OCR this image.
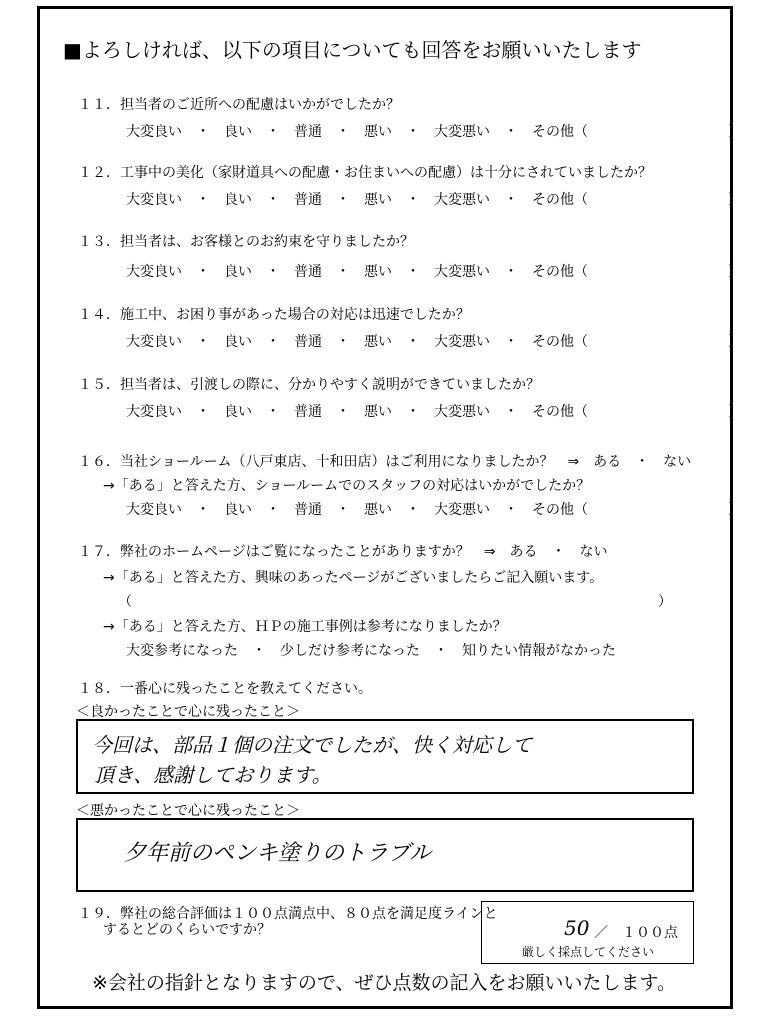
■よろしければ、以下の項目についても回答をお願いいたします
１１．担当者のご近所への配慮はいかがでしたか？
大変良い　・　良い　・　普通　・　悪い　・　大変悪い　・　その他（　　　　　　　　　　）
１２．工事中の美化（家財道具への配慮・お住まいへの配慮）は十分にされていましたか？
大変良い　・　良い　・　普通　・　悪い　・　大変悪い　・　その他（　　　　　　　　　　）
１３．担当者は、お客様とのお約束を守りましたか？
大変良い　・　良い　・　普通　・　悪い　・　大変悪い　・　その他（　　　　　　　　　　）
１４．施工中、お困り事があった場合の対応は迅速でしたか？
大変良い　・　良い　・　普通　・　悪い　・　大変悪い　・　その他（　　　　　　　　　　）
１５．担当者は、引渡しの際に、分かりやすく説明ができていましたか？
大変良い　・　良い　・　普通　・　悪い　・　大変悪い　・　その他（　　　　　　　　　　）
１６．当社ショールーム（八戸東店、十和田店）はご利用になりましたか？　⇒　ある　・　ない
→「ある」と答えた方、ショールームでのスタッフの対応はいかがでしたか？
大変良い　・　良い　・　普通　・　悪い　・　大変悪い　・　その他（　　　　　　　　　　）
１７．弊社のホームページはご覧になったことがありますか？　⇒　ある　・　ない
→「ある」と答えた方、興味のあったページがございましたらご記入願います。
（	）
→「ある」と答えた方、ＨＰの施工事例は参考になりましたか？
大変参考になった　・　少しだけ参考になった　・　知りたい情報がなかった
１８．一番心に残ったことを教えてください。
＜良かったことで心に残ったこと＞
今回は、部品１個の注文でしたが、快く対応して
頂き、感謝しております。
＜悪かったことで心に残ったこと＞
夕年前のペンキ塗りのトラブル
１９．弊社の総合評価は１００点満点中、８０点を満足度ラインと
するとどのくらいですか？	50 ／　１００点
厳しく採点してください
※会社の指針となりますので、ぜひ点数の記入をお願いいたします。
